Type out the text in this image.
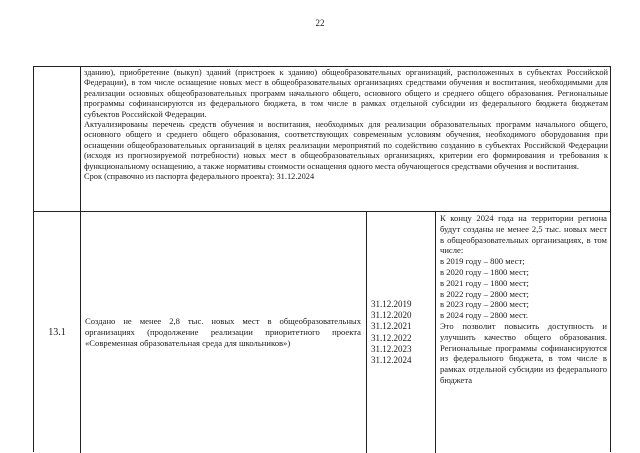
22

зданию), приобретение (выкуп) зданий (пристроек к зданию) общеобразовательных организаций, расположенных в субъектах Российской Федерации), в том числе оснащение новых мест в общеобразовательных организациях средствами обучения и воспитания, необходимыми для реализации основных общеобразовательных программ начального общего, основного общего и среднего общего образования. Региональные программы софинансируются из федерального бюджета, в том числе в рамках отдельной субсидии из федерального бюджета бюджетам субъектов Российской Федерации.

Актуализированы перечень средств обучения и воспитания, необходимых для реализации образовательных программ начального общего, основного общего и среднего общего образования, соответствующих современным условиям обучения, необходимого оборудования при оснащении общеобразовательных организаций в целях реализации мероприятий по содействию созданию в субъектах Российской Федерации (исходя из прогнозируемой потребности) новых мест в общеобразовательных организациях, критерии его формирования и требования к функциональному оснащению, а также нормативы стоимости оснащения одного места обучающегося средствами обучения и воспитания.

Срок (справочно из паспорта федерального проекта): 31.12.2024

13.1
Создано не менее 2,8 тыс. новых мест в общеобразовательных организациях (продолжение реализации приоритетного проекта «Современная образовательная среда для школьников»)
31.12.2019
31.12.2020
31.12.2021
31.12.2022
31.12.2023
31.12.2024

К концу 2024 года на территории региона будут созданы не менее 2,5 тыс. новых мест в общеобразовательных организациях, в том числе:

в 2019 году – 800 мест;

в 2020 году – 1800 мест;

в 2021 году – 1800 мест;

в 2022 году – 2800 мест;

в 2023 году – 2800 мест;

в 2024 году – 2800 мест.

Это позволит повысить доступность и улучшить качество общего образования. Региональные программы софинансируются из федерального бюджета, в том числе в рамках отдельной субсидии из федерального бюджета
